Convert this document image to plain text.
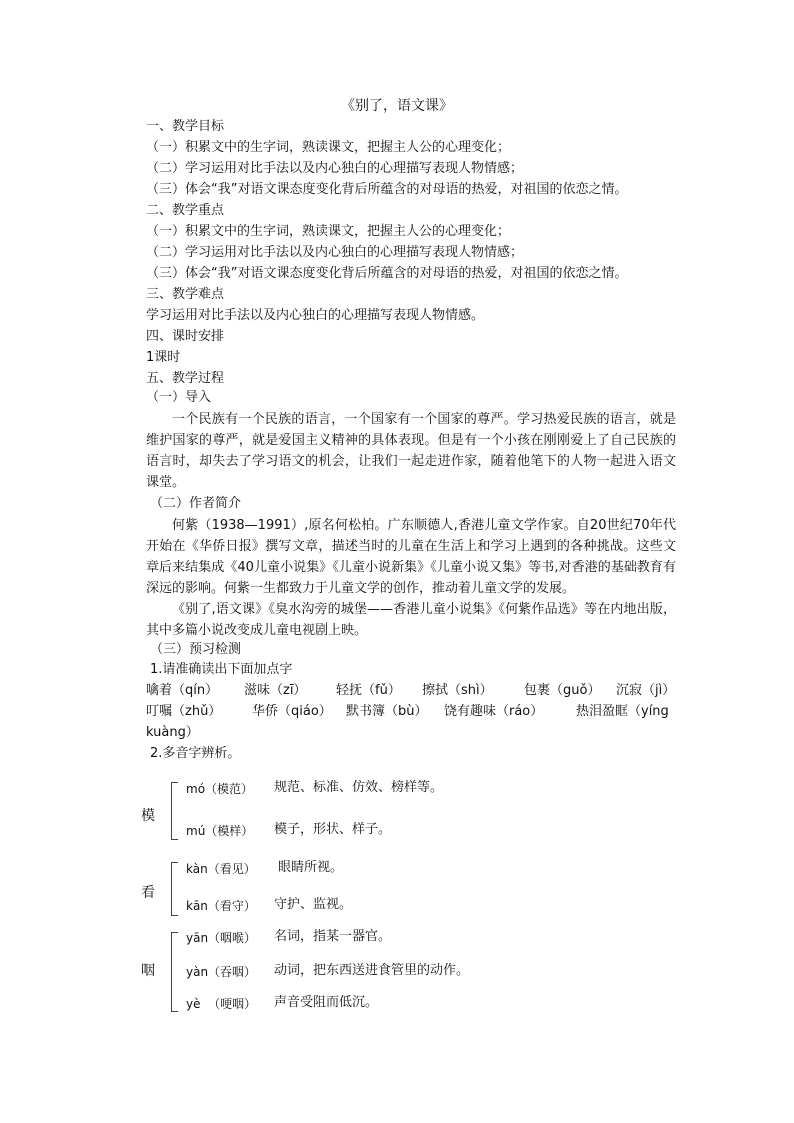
《别了，语文课》
一、教学目标
（一）积累文中的生字词，熟读课文，把握主人公的心理变化；
（二）学习运用对比手法以及内心独白的心理描写表现人物情感；
（三）体会“我”对语文课态度变化背后所蕴含的对母语的热爱，对祖国的依恋之情。
二、教学重点
（一）积累文中的生字词，熟读课文，把握主人公的心理变化；
（二）学习运用对比手法以及内心独白的心理描写表现人物情感；
（三）体会“我”对语文课态度变化背后所蕴含的对母语的热爱，对祖国的依恋之情。
三、教学难点
学习运用对比手法以及内心独白的心理描写表现人物情感。
四、课时安排
1课时
五、教学过程
（一）导入
一个民族有一个民族的语言，一个国家有一个国家的尊严。学习热爱民族的语言，就是维护国家的尊严，就是爱国主义精神的具体表现。但是有一个小孩在刚刚爱上了自己民族的语言时，却失去了学习语文的机会，让我们一起走进作家，随着他笔下的人物一起进入语文课堂。
（二）作者简介
何紫（1938—1991）,原名何松柏。广东顺德人,香港儿童文学作家。自20世纪70年代开始在《华侨日报》撰写文章，描述当时的儿童在生活上和学习上遇到的各种挑战。这些文章后来结集成《40儿童小说集》《儿童小说新集》《儿童小说又集》等书,对香港的基础教育有深远的影响。何紫一生都致力于儿童文学的创作，推动着儿童文学的发展。
《别了,语文课》《臭水沟旁的城堡——香港儿童小说集》《何紫作品选》等在内地出版，其中多篇小说改变成儿童电视剧上映。
（三）预习检测
1.请准确读出下面加点字
噙着（qín） 滋味（zī） 轻抚（fǔ） 擦拭（shì） 包裹（guǒ） 沉寂（jì）
叮嘱（zhǔ） 华侨（qiáo） 默书簿（bù） 饶有趣味（ráo）	热泪盈眶（yíng
kuàng）
2.多音字辨析。
模
mó（模范） 规范、标准、仿效、榜样等。
mú（模样） 模子，形状、样子。
看
kàn（看见） 眼睛所视。
kān（看守） 守护、监视。
咽
yān（咽喉） 名词，指某一器官。
yàn（吞咽） 动词，把东西送进食管里的动作。
yè  （哽咽） 声音受阻而低沉。
